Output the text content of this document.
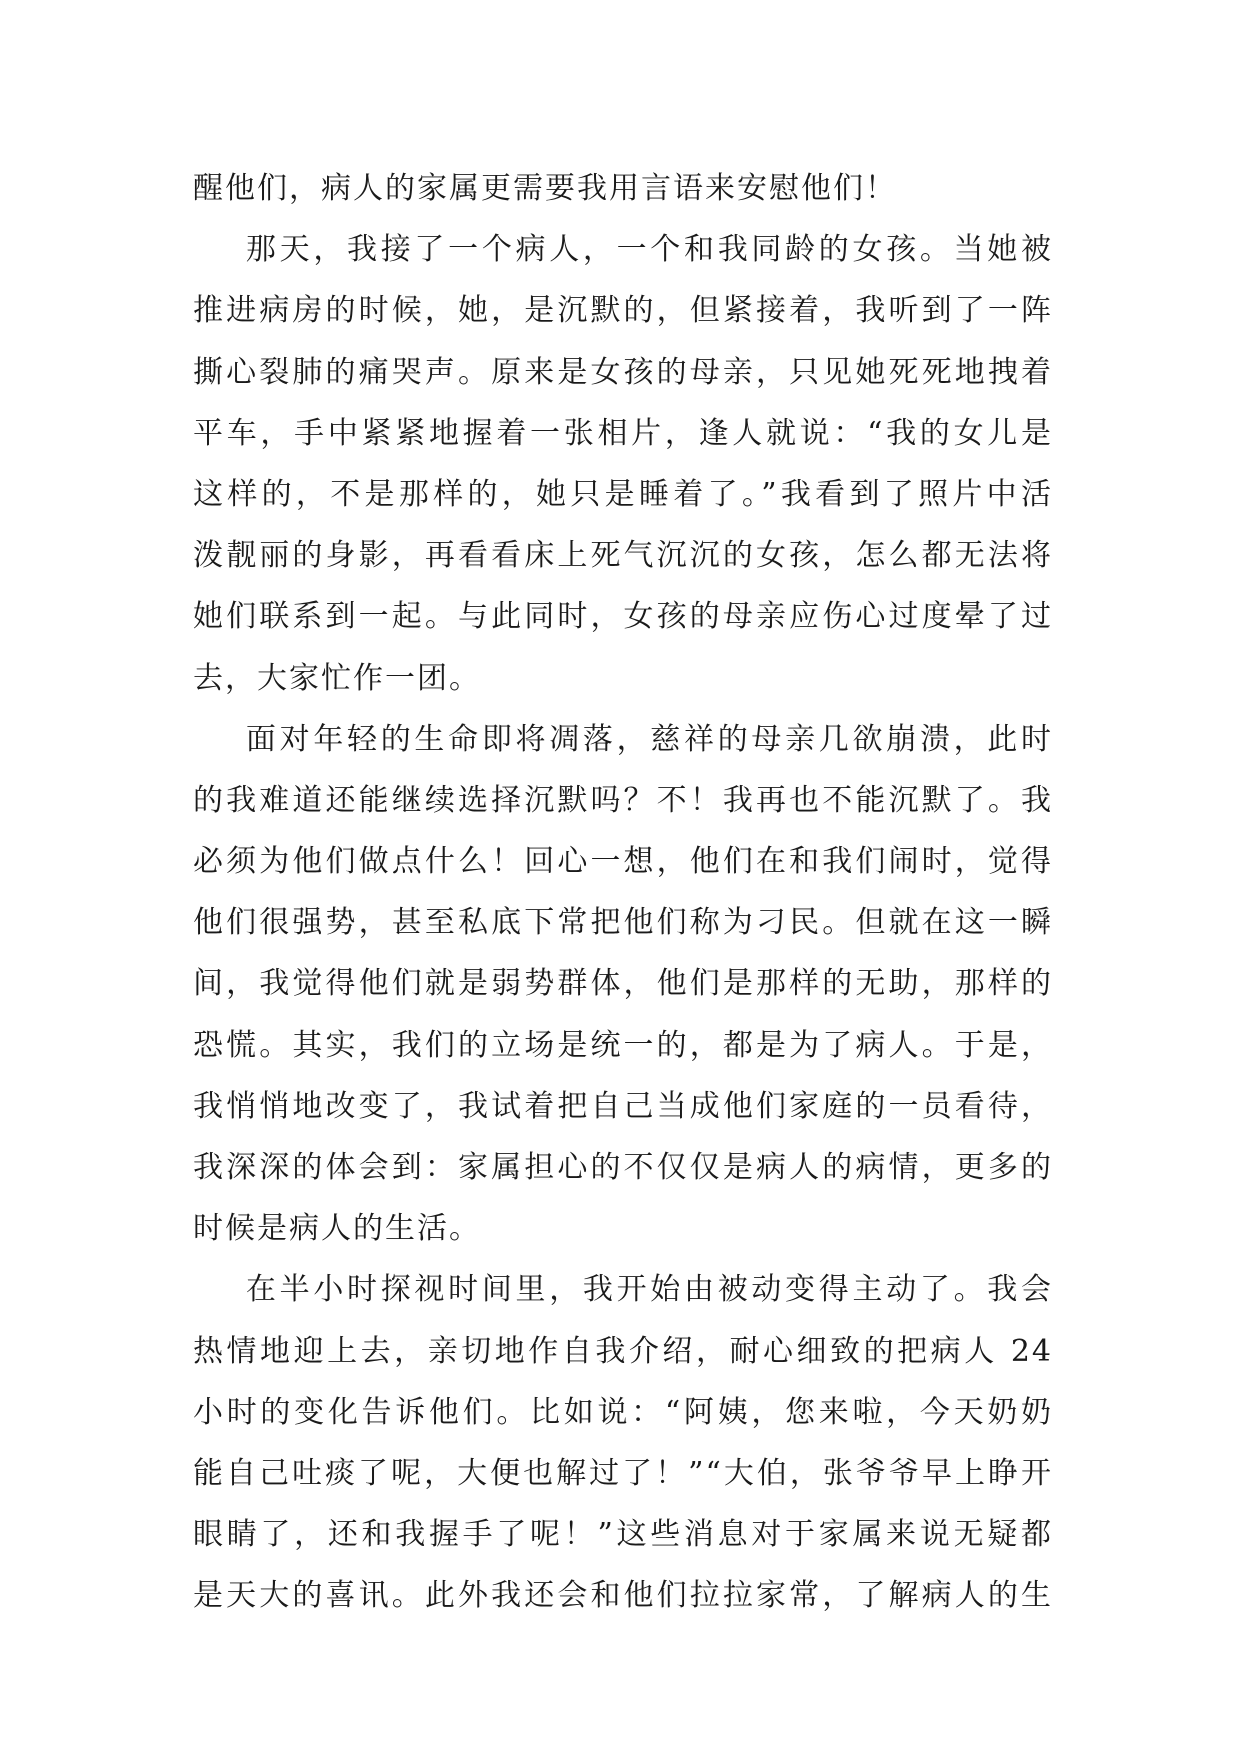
醒他们，病人的家属更需要我用言语来安慰他们！
那天，我接了一个病人，一个和我同龄的女孩。当她被
推进病房的时候，她，是沉默的，但紧接着，我听到了一阵
撕心裂肺的痛哭声。原来是女孩的母亲，只见她死死地拽着
平车，手中紧紧地握着一张相片，逢人就说：“我的女儿是
这样的，不是那样的，她只是睡着了。”我看到了照片中活
泼靓丽的身影，再看看床上死气沉沉的女孩，怎么都无法将
她们联系到一起。与此同时，女孩的母亲应伤心过度晕了过
去，大家忙作一团。
面对年轻的生命即将凋落，慈祥的母亲几欲崩溃，此时
的我难道还能继续选择沉默吗？不！我再也不能沉默了。我
必须为他们做点什么！回心一想，他们在和我们闹时，觉得
他们很强势，甚至私底下常把他们称为刁民。但就在这一瞬
间，我觉得他们就是弱势群体，他们是那样的无助，那样的
恐慌。其实，我们的立场是统一的，都是为了病人。于是，
我悄悄地改变了，我试着把自己当成他们家庭的一员看待，
我深深的体会到：家属担心的不仅仅是病人的病情，更多的
时候是病人的生活。
在半小时探视时间里，我开始由被动变得主动了。我会
热情地迎上去，亲切地作自我介绍，耐心细致的把病人 24
小时的变化告诉他们。比如说：“阿姨，您来啦，今天奶奶
能自己吐痰了呢，大便也解过了！”“大伯，张爷爷早上睁开
眼睛了，还和我握手了呢！”这些消息对于家属来说无疑都
是天大的喜讯。此外我还会和他们拉拉家常，了解病人的生
